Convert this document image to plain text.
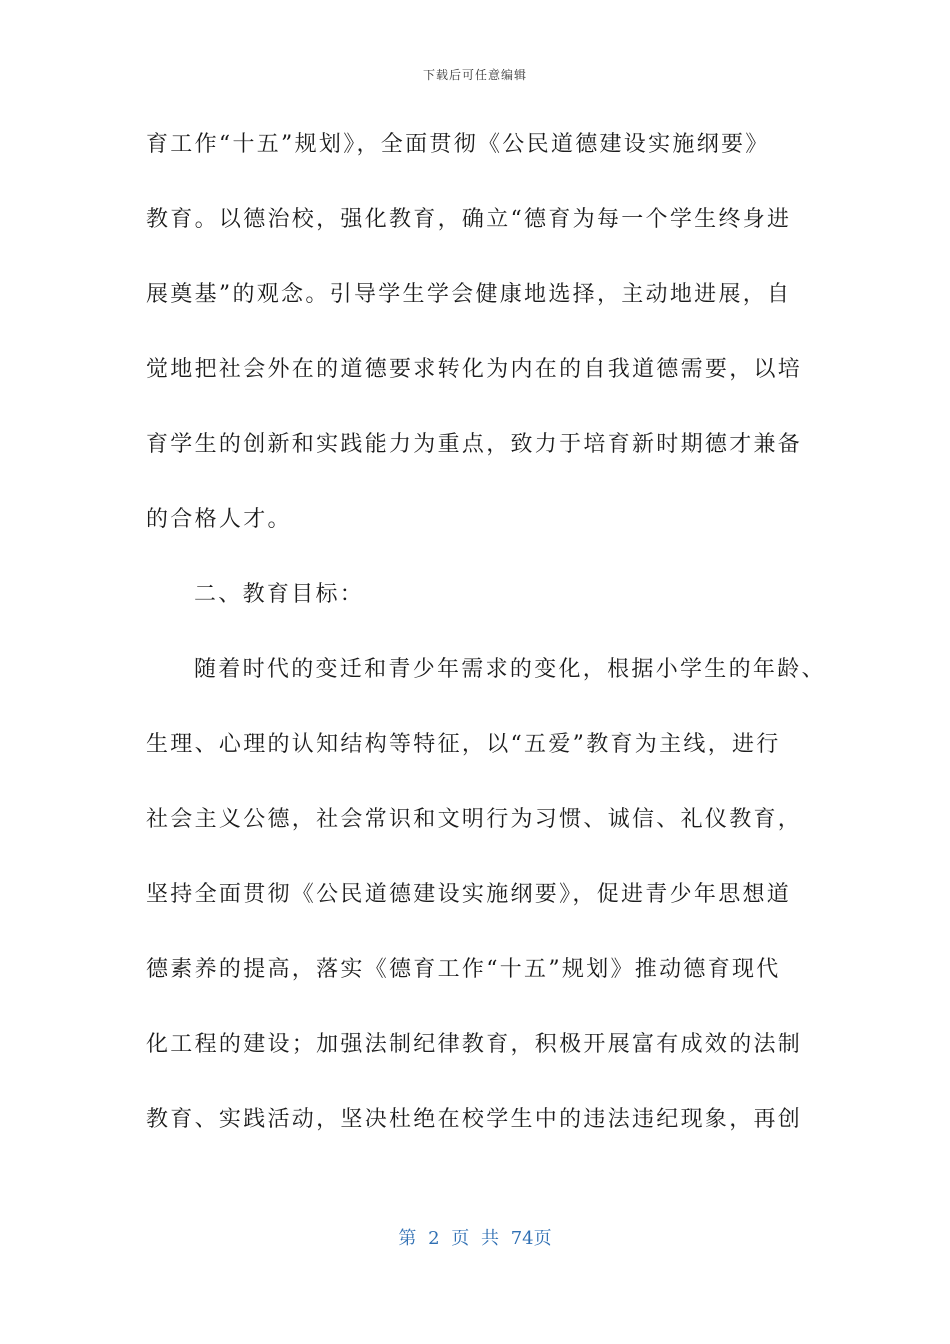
下载后可任意编辑
育工作“十五”规划》，全面贯彻《公民道德建设实施纲要》
教育。以德治校，强化教育，确立“德育为每一个学生终身进
展奠基”的观念。引导学生学会健康地选择，主动地进展，自
觉地把社会外在的道德要求转化为内在的自我道德需要，以培
育学生的创新和实践能力为重点，致力于培育新时期德才兼备
的合格人才。
二、教育目标：
随着时代的变迁和青少年需求的变化，根据小学生的年龄、
生理、心理的认知结构等特征，以“五爱”教育为主线，进行
社会主义公德，社会常识和文明行为习惯、诚信、礼仪教育，
坚持全面贯彻《公民道德建设实施纲要》，促进青少年思想道
德素养的提高，落实《德育工作“十五”规划》推动德育现代
化工程的建设；加强法制纪律教育，积极开展富有成效的法制
教育、实践活动，坚决杜绝在校学生中的违法违纪现象，再创
第 2 页 共 74页
